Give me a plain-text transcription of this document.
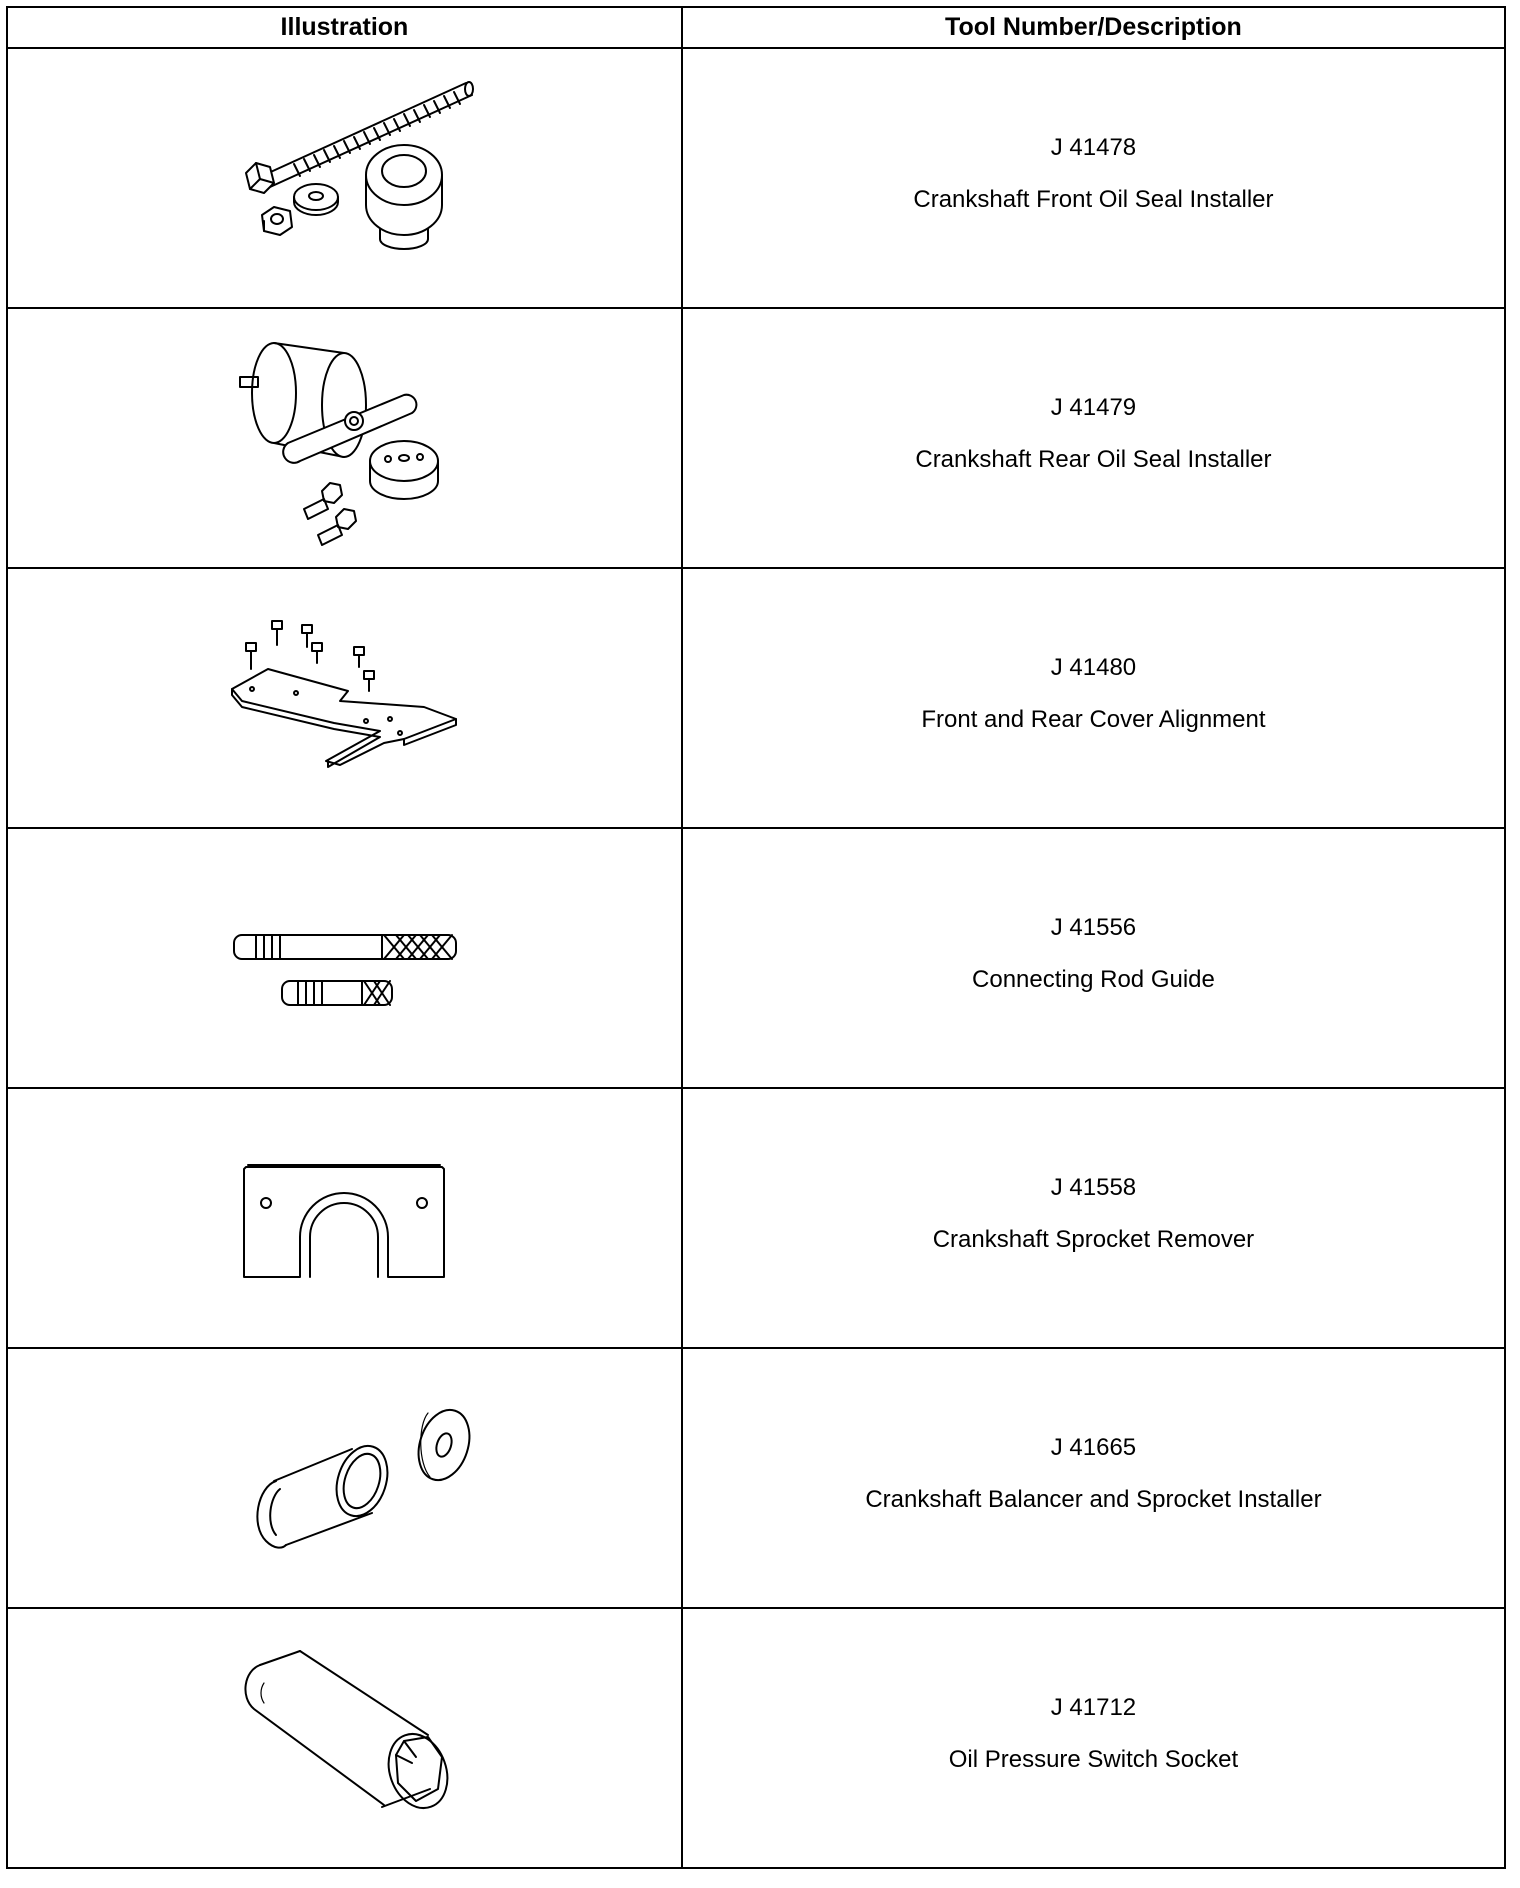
Illustration	Tool Number/Description

J 41478
Crankshaft Front Oil Seal Installer

J 41479
Crankshaft Rear Oil Seal Installer

J 41480
Front and Rear Cover Alignment

J 41556
Connecting Rod Guide

J 41558
Crankshaft Sprocket Remover

J 41665
Crankshaft Balancer and Sprocket Installer

J 41712
Oil Pressure Switch Socket
